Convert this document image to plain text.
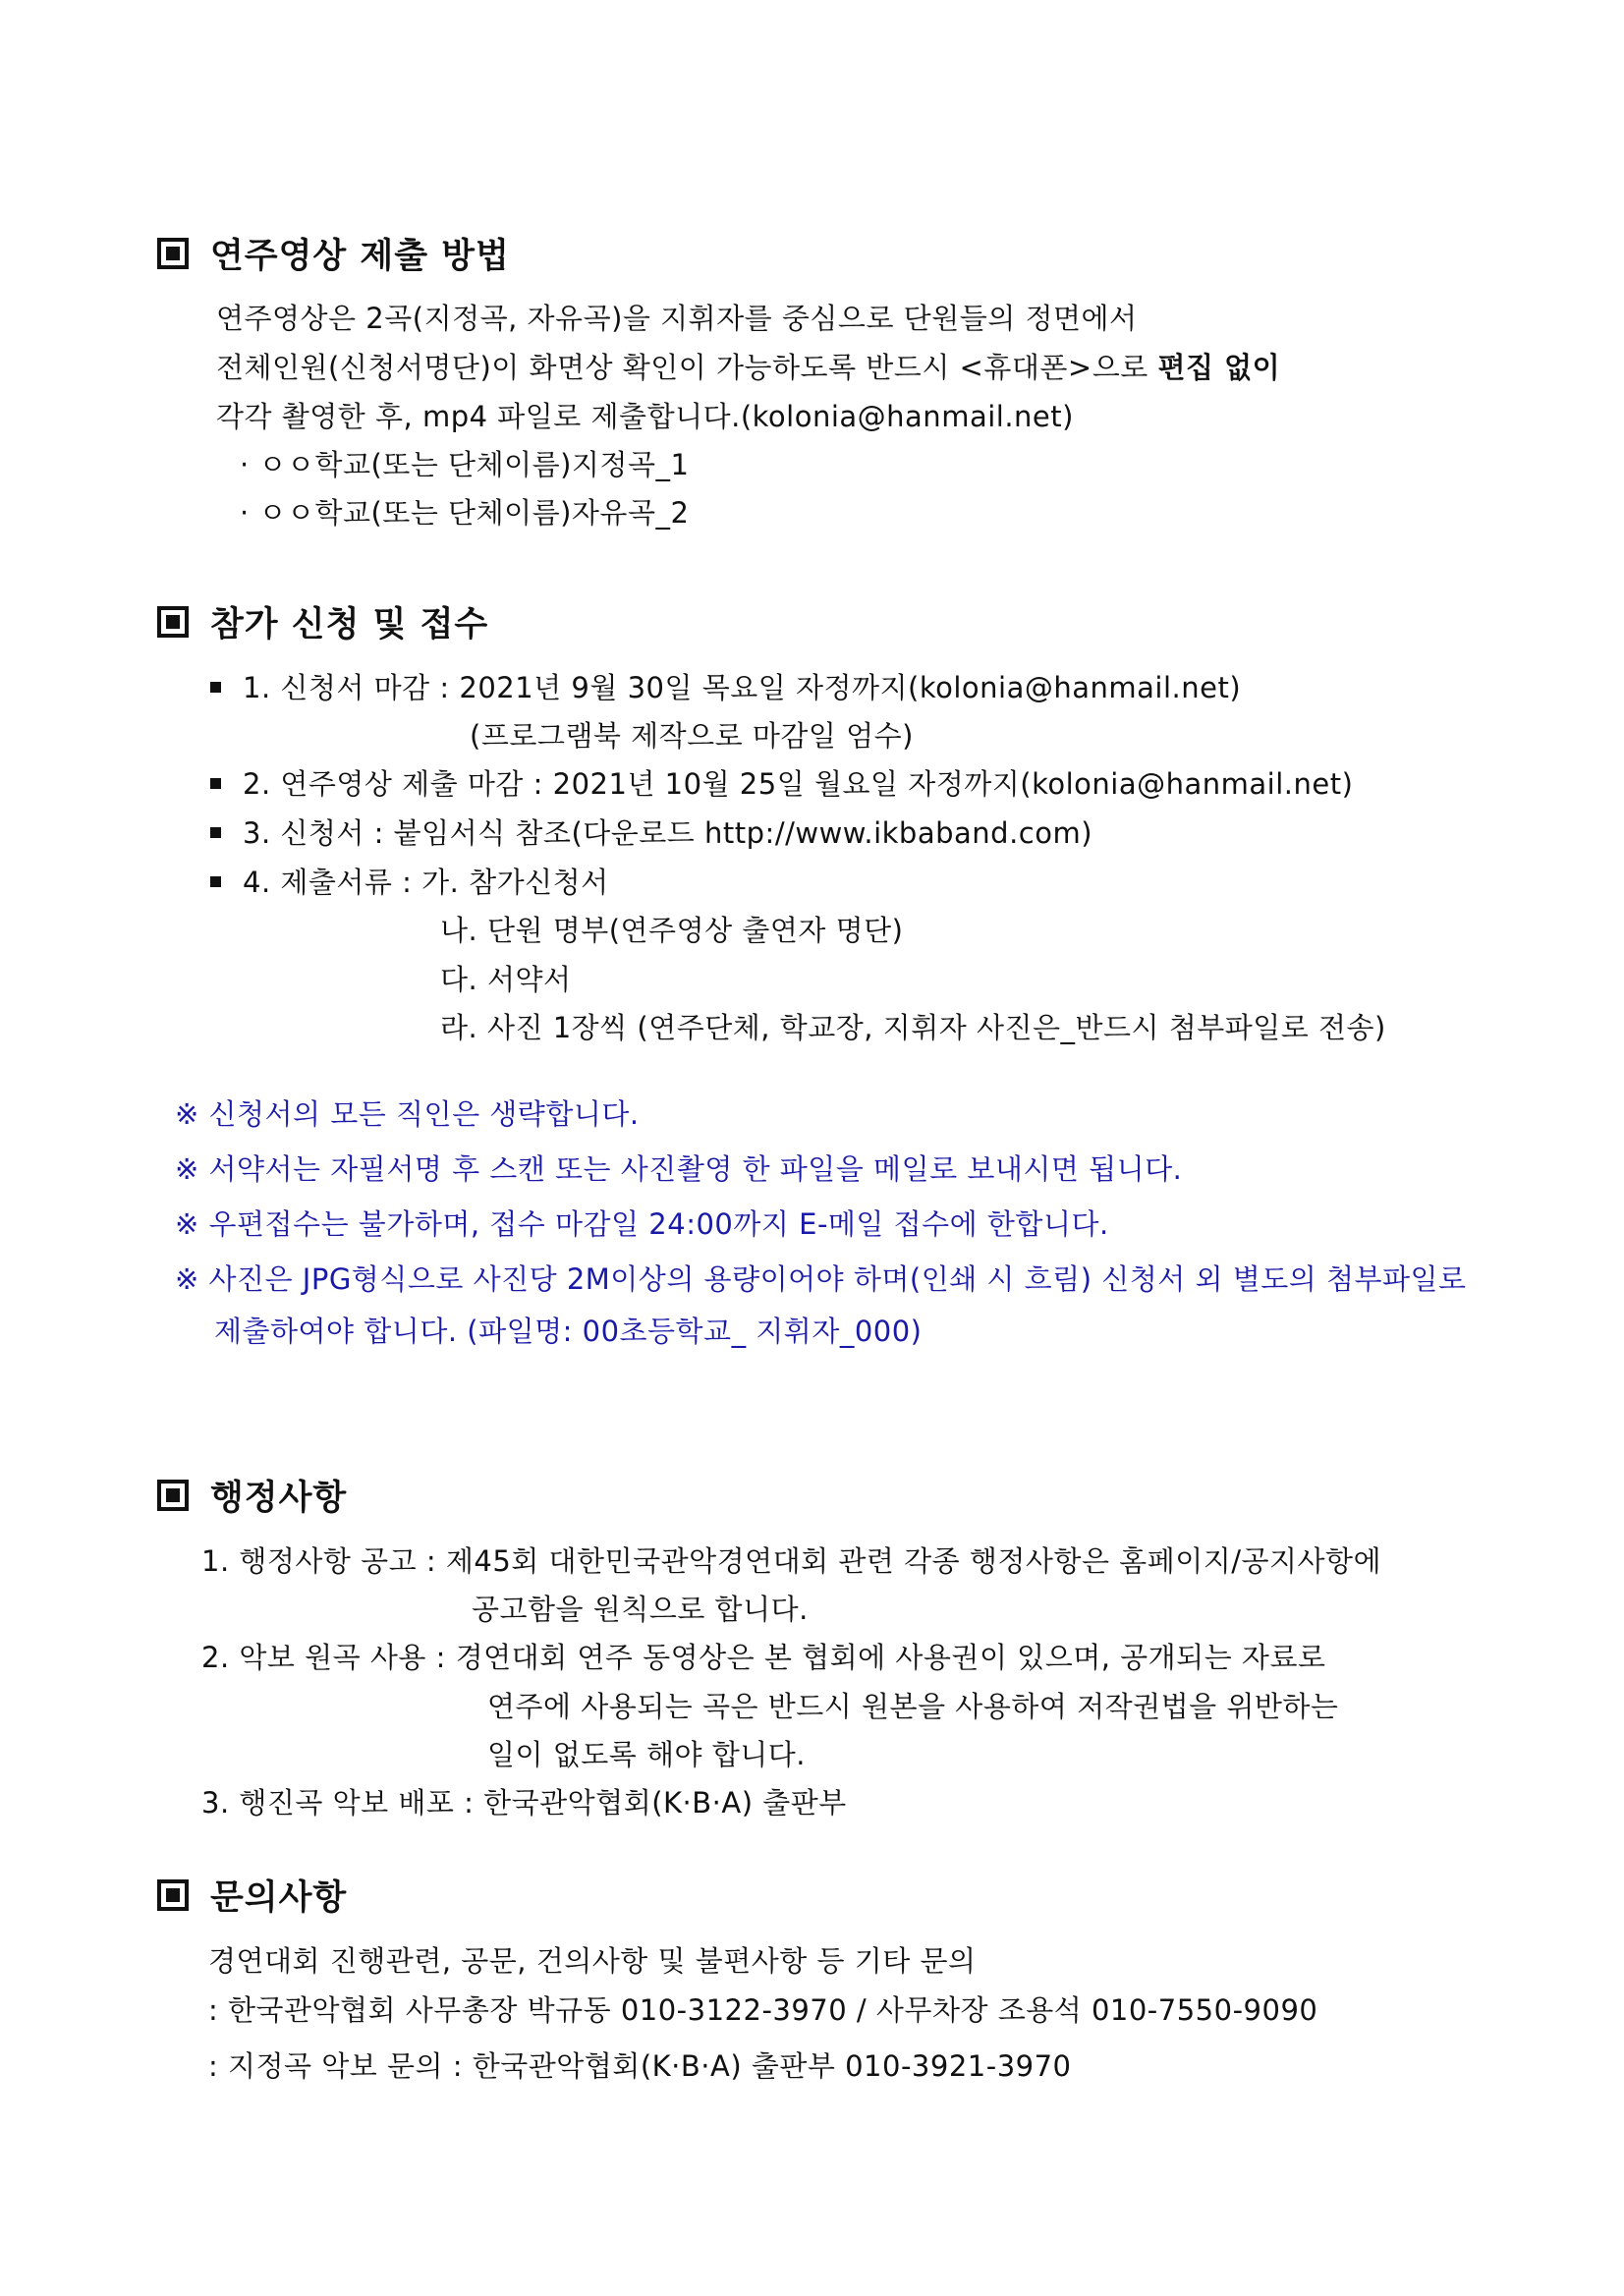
연주영상 제출 방법
연주영상은 2곡(지정곡, 자유곡)을 지휘자를 중심으로 단원들의 정면에서
전체인원(신청서명단)이 화면상 확인이 가능하도록 반드시 <휴대폰>으로 편집 없이
각각 촬영한 후, mp4 파일로 제출합니다.(kolonia@hanmail.net)
· ㅇㅇ학교(또는 단체이름)지정곡_1
· ㅇㅇ학교(또는 단체이름)자유곡_2
참가 신청 및 접수
1. 신청서 마감 : 2021년 9월 30일 목요일 자정까지(kolonia@hanmail.net)
(프로그램북 제작으로 마감일 엄수)
2. 연주영상 제출 마감 : 2021년 10월 25일 월요일 자정까지(kolonia@hanmail.net)
3. 신청서 : 붙임서식 참조(다운로드 http://www.ikbaband.com)
4. 제출서류 : 가. 참가신청서
나. 단원 명부(연주영상 출연자 명단)
다. 서약서
라. 사진 1장씩 (연주단체, 학교장, 지휘자 사진은_반드시 첨부파일로 전송)
※ 신청서의 모든 직인은 생략합니다.
※ 서약서는 자필서명 후 스캔 또는 사진촬영 한 파일을 메일로 보내시면 됩니다.
※ 우편접수는 불가하며, 접수 마감일 24:00까지 E-메일 접수에 한합니다.
※ 사진은 JPG형식으로 사진당 2M이상의 용량이어야 하며(인쇄 시 흐림) 신청서 외 별도의 첨부파일로
제출하여야 합니다. (파일명: 00초등학교_ 지휘자_000)
행정사항
1. 행정사항 공고 : 제45회 대한민국관악경연대회 관련 각종 행정사항은 홈페이지/공지사항에
공고함을 원칙으로 합니다.
2. 악보 원곡 사용 : 경연대회 연주 동영상은 본 협회에 사용권이 있으며, 공개되는 자료로
연주에 사용되는 곡은 반드시 원본을 사용하여 저작권법을 위반하는
일이 없도록 해야 합니다.
3. 행진곡 악보 배포 : 한국관악협회(K·B·A) 출판부
문의사항
경연대회 진행관련, 공문, 건의사항 및 불편사항 등 기타 문의
: 한국관악협회 사무총장 박규동 010-3122-3970 / 사무차장 조용석 010-7550-9090
: 지정곡 악보 문의 : 한국관악협회(K·B·A) 출판부 010-3921-3970
